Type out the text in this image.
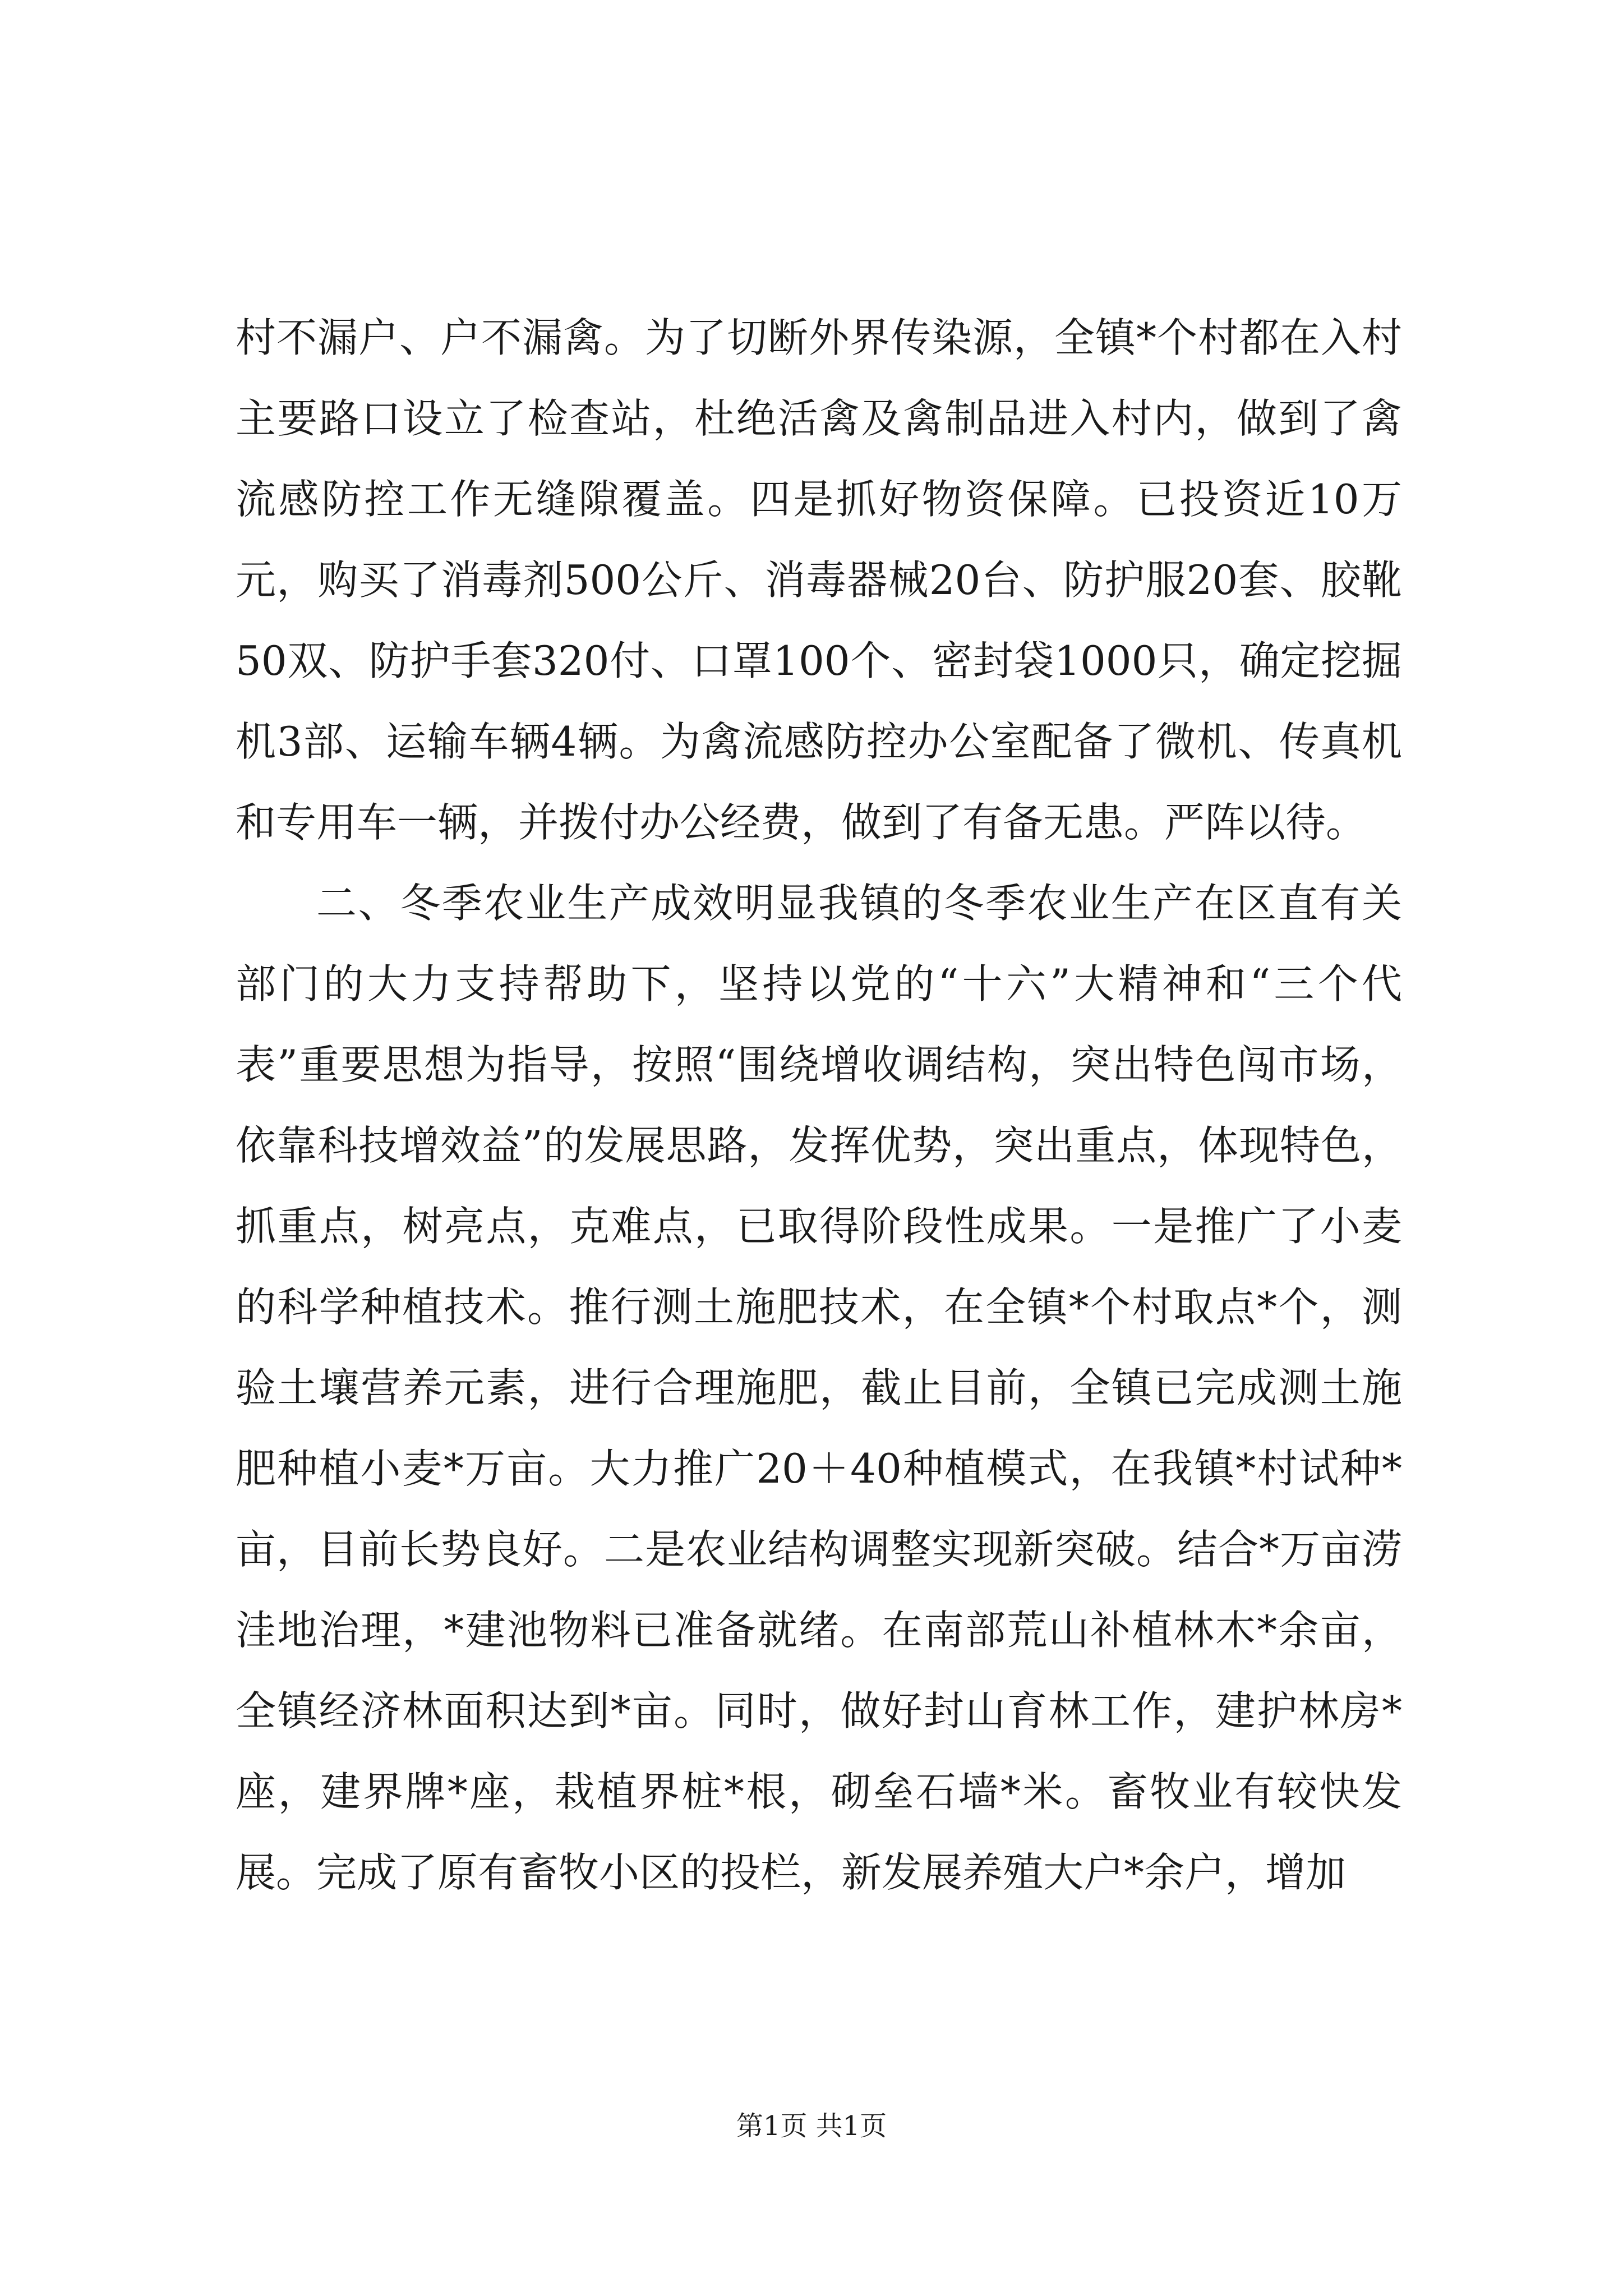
村不漏户、户不漏禽。为了切断外界传染源，全镇*个村都在入村主要路口设立了检查站，杜绝活禽及禽制品进入村内，做到了禽流感防控工作无缝隙覆盖。四是抓好物资保障。已投资近10万元，购买了消毒剂500公斤、消毒器械20台、防护服20套、胶靴50双、防护手套320付、口罩100个、密封袋1000只，确定挖掘机3部、运输车辆4辆。为禽流感防控办公室配备了微机、传真机和专用车一辆，并拨付办公经费，做到了有备无患。严阵以待。

二、冬季农业生产成效明显我镇的冬季农业生产在区直有关部门的大力支持帮助下，坚持以党的“十六”大精神和“三个代表”重要思想为指导，按照“围绕增收调结构，突出特色闯市场，依靠科技增效益”的发展思路，发挥优势，突出重点，体现特色，抓重点，树亮点，克难点，已取得阶段性成果。一是推广了小麦的科学种植技术。推行测土施肥技术，在全镇*个村取点*个，测验土壤营养元素，进行合理施肥，截止目前，全镇已完成测土施肥种植小麦*万亩。大力推广20＋40种植模式，在我镇*村试种*亩，目前长势良好。二是农业结构调整实现新突破。结合*万亩涝洼地治理，*建池物料已准备就绪。在南部荒山补植林木*余亩，全镇经济林面积达到*亩。同时，做好封山育林工作，建护林房*座，建界牌*座，栽植界桩*根，砌垒石墙*米。畜牧业有较快发展。完成了原有畜牧小区的投栏，新发展养殖大户*余户，增加

第1页 共1页
